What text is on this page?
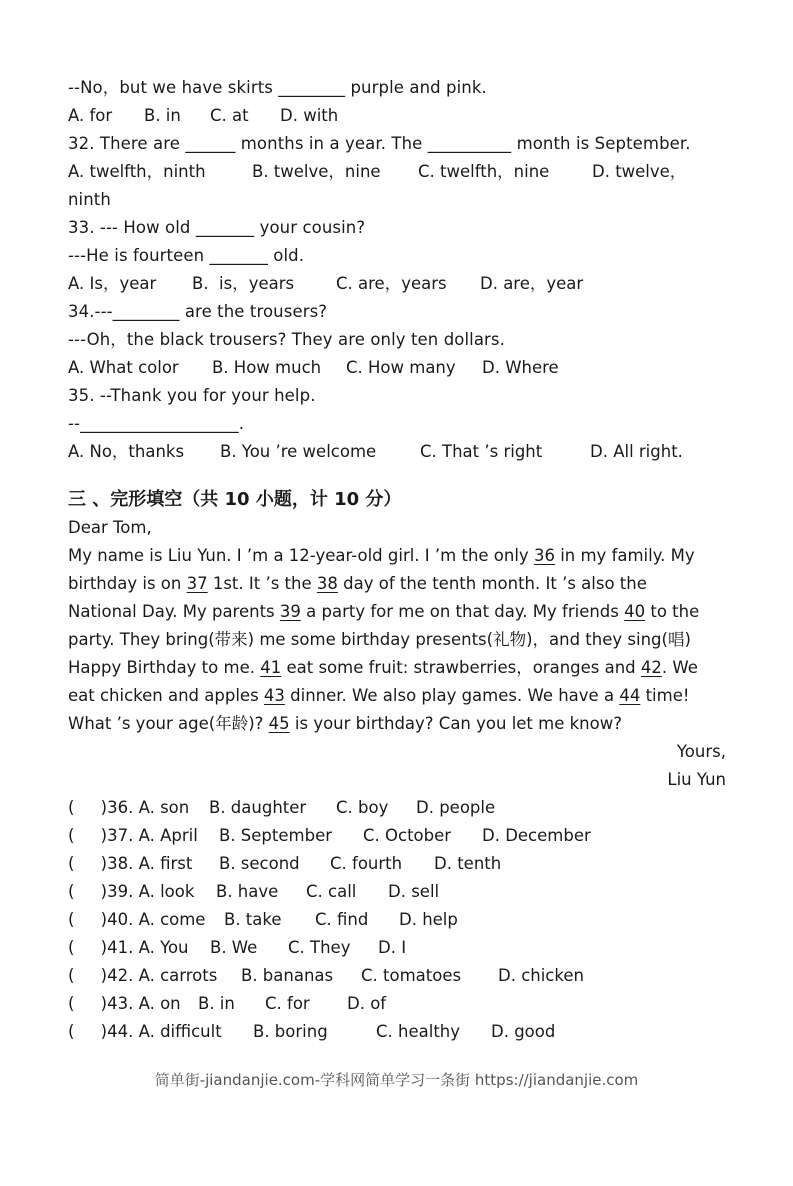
--No，but we have skirts ________ purple and pink.

A. for

B. in

C. at

D. with

32. There are ______ months in a year. The __________ month is September.

A. twelfth，ninth

	B. twelve，nine

C. twelfth，nine

	D. twelve，

ninth
33. --- How old _______ your cousin?
---He is fourteen _______ old.

A. Is，year

B.  is，years

	C. are，years

D. are，year

34.---________ are the trousers?
---Oh，the black trousers? They are only ten dollars.

A. What color

B. How much

C. How many

D. Where

35. --Thank you for your help.
--___________________.

A. No，thanks

B. You ’re welcome

	C. That ’s right

	D. All right.

三 、完形填空（共 10 小题，计 10 分）
Dear Tom,
My name is Liu Yun. I ’m a 12-year-old girl. I ’m the only 36 in my family. My
birthday is on 37 1st. It ’s the 38 day of the tenth month. It ’s also the
National Day. My parents 39 a party for me on that day. My friends 40 to the
party. They bring(带来) me some birthday presents(礼物)，and they sing(唱)
Happy Birthday to me. 41 eat some fruit: strawberries，oranges and 42. We
eat chicken and apples 43 dinner. We also play games. We have a 44 time!
What ’s your age(年龄)? 45 is your birthday? Can you let me know?
Yours,
Liu Yun

(     )36. A. son

B. daughter

C. boy

D. people

(     )37. A. April

B. September

C. October

D. December

(     )38. A. first

B. second

C. fourth

D. tenth

(     )39. A. look

B. have

C. call

D. sell

(     )40. A. come

B. take

C. find

D. help

(     )41. A. You

B. We

C. They

D. I

(     )42. A. carrots

B. bananas

C. tomatoes

D. chicken

(     )43. A. on

B. in

C. for

D. of

(     )44. A. difficult

B. boring

	C. healthy

D. good

简单街-jiandanjie.com-学科网简单学习一条街 https://jiandanjie.com
